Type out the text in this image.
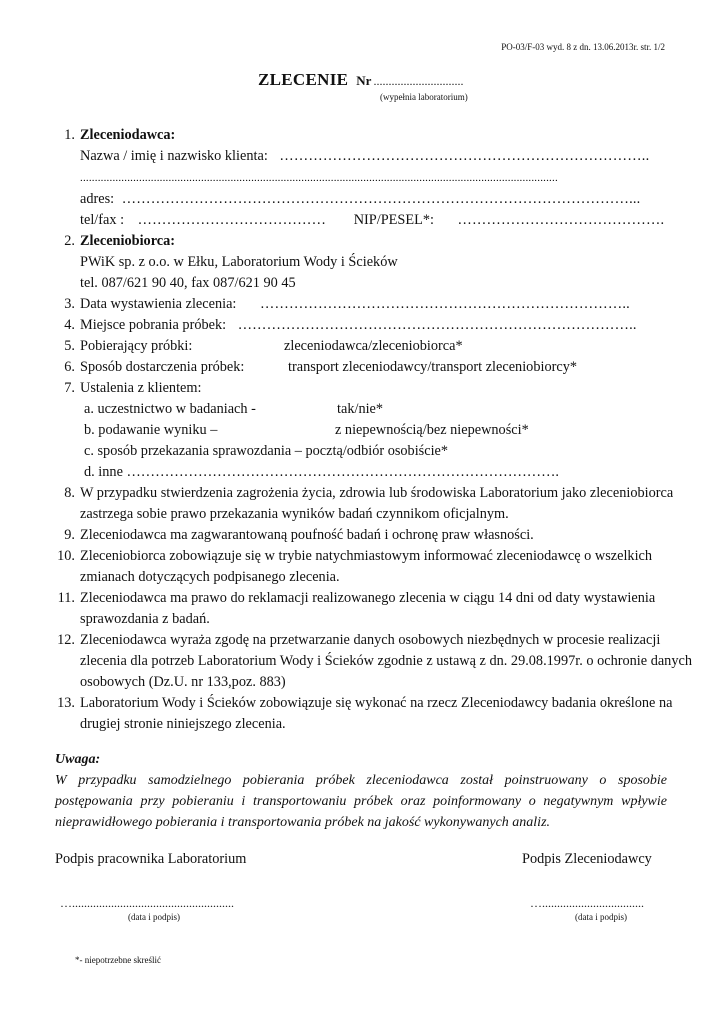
PO-03/F-03 wyd. 8 z dn. 13.06.2013r. str. 1/2
ZLECENIE Nr ..............................
(wypełnia laboratorium)
1. Zleceniodawca:
Nazwa / imię i nazwisko klienta: …………………………………………………………………..
..................................................................................................................................................................
adres: ……………………………………………………………………………………………...
tel/fax : ………………………………… NIP/PESEL*: …………………………………….
2. Zleceniobiorca:
PWiK sp. z o.o. w Ełku, Laboratorium Wody i Ścieków
tel. 087/621 90 40, fax 087/621 90 45
3. Data wystawienia zlecenia: …………………………………………………………………..
4. Miejsce pobrania próbek: ………………………………………………………………………..
5. Pobierający próbki:	zleceniodawca/zleceniobiorca*
6. Sposób dostarczenia próbek:	transport zleceniodawcy/transport zleceniobiorcy*
7. Ustalenia z klientem:
a. uczestnictwo w badaniach -	tak/nie*
b. podawanie wyniku –	z niepewnością/bez niepewności*
c. sposób przekazania sprawozdania – pocztą/odbiór osobiście*
d. inne ……………………………………………………………………………….
8. W przypadku stwierdzenia zagrożenia życia, zdrowia lub środowiska Laboratorium jako zleceniobiorca zastrzega sobie prawo przekazania wyników badań czynnikom oficjalnym.
9. Zleceniodawca ma zagwarantowaną poufność badań i ochronę praw własności.
10. Zleceniobiorca zobowiązuje się w trybie natychmiastowym informować zleceniodawcę o wszelkich zmianach dotyczących podpisanego zlecenia.
11. Zleceniodawca ma prawo do reklamacji realizowanego zlecenia w ciągu 14 dni od daty wystawienia sprawozdania z badań.
12. Zleceniodawca wyraża zgodę na przetwarzanie danych osobowych niezbędnych w procesie realizacji zlecenia dla potrzeb Laboratorium Wody i Ścieków zgodnie z ustawą z dn. 29.08.1997r. o ochronie danych osobowych (Dz.U. nr 133,poz. 883)
13. Laboratorium Wody i Ścieków zobowiązuje się wykonać na rzecz Zleceniodawcy badania określone na drugiej stronie niniejszego zlecenia.
Uwaga:
W przypadku samodzielnego pobierania próbek zleceniodawca został poinstruowany o sposobie postępowania przy pobieraniu i transportowaniu próbek oraz poinformowany o negatywnym wpływie nieprawidłowego pobierania i transportowania próbek na jakość wykonywanych analiz.
Podpis pracownika Laboratorium	Podpis Zleceniodawcy
…......................................................	…..................................
(data i podpis)	(data i podpis)
*- niepotrzebne skreślić
